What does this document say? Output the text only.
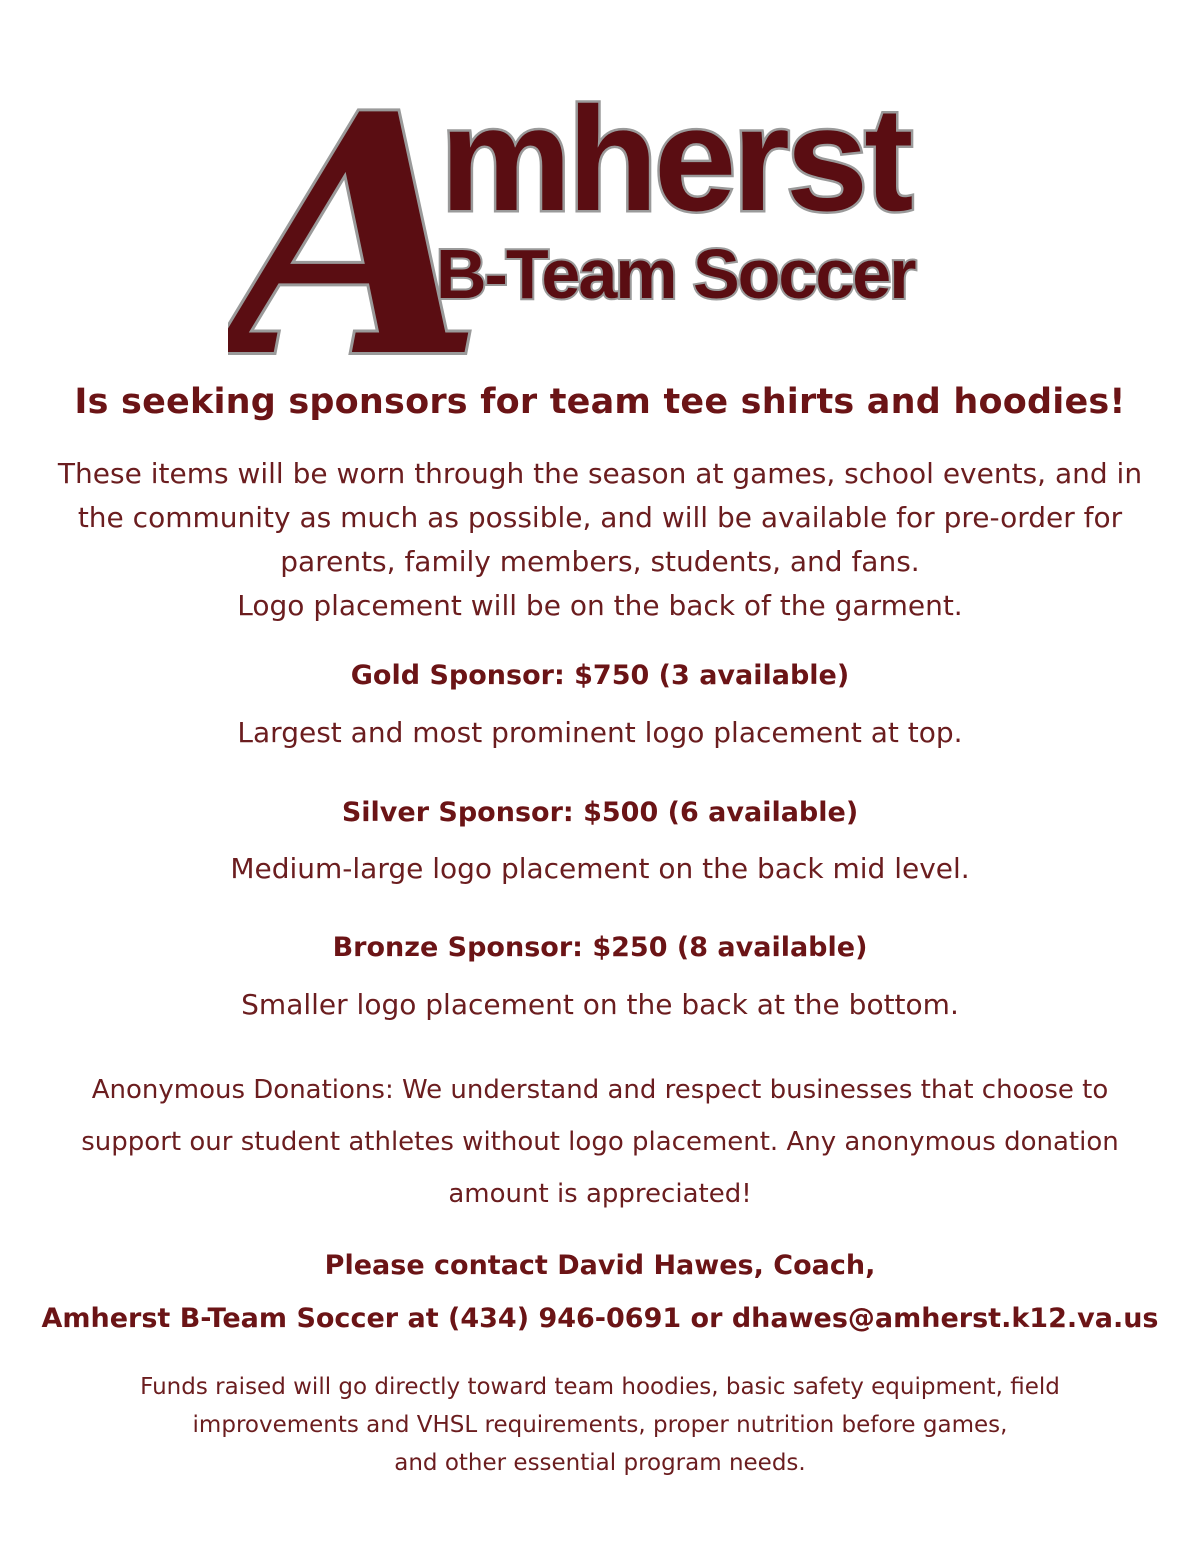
A
mherst
B-Team Soccer
Is seeking sponsors for team tee shirts and hoodies!

These items will be worn through the season at games, school events, and in

the community as much as possible, and will be available for pre-order for

parents, family members, students, and fans.

Logo placement will be on the back of the garment.

Gold Sponsor: $750 (3 available)
Largest and most prominent logo placement at top.
Silver Sponsor: $500 (6 available)
Medium-large logo placement on the back mid level.
Bronze Sponsor: $250 (8 available)
Smaller logo placement on the back at the bottom.
Anonymous Donations: We understand and respect businesses that choose to support our student athletes without logo placement. Any anonymous donation amount is appreciated!
Please contact David Hawes, Coach,
Amherst B-Team Soccer at (434) 946-0691 or dhawes@amherst.k12.va.us

Funds raised will go directly toward team hoodies, basic safety equipment, field

improvements and VHSL requirements, proper nutrition before games,

and other essential program needs.
